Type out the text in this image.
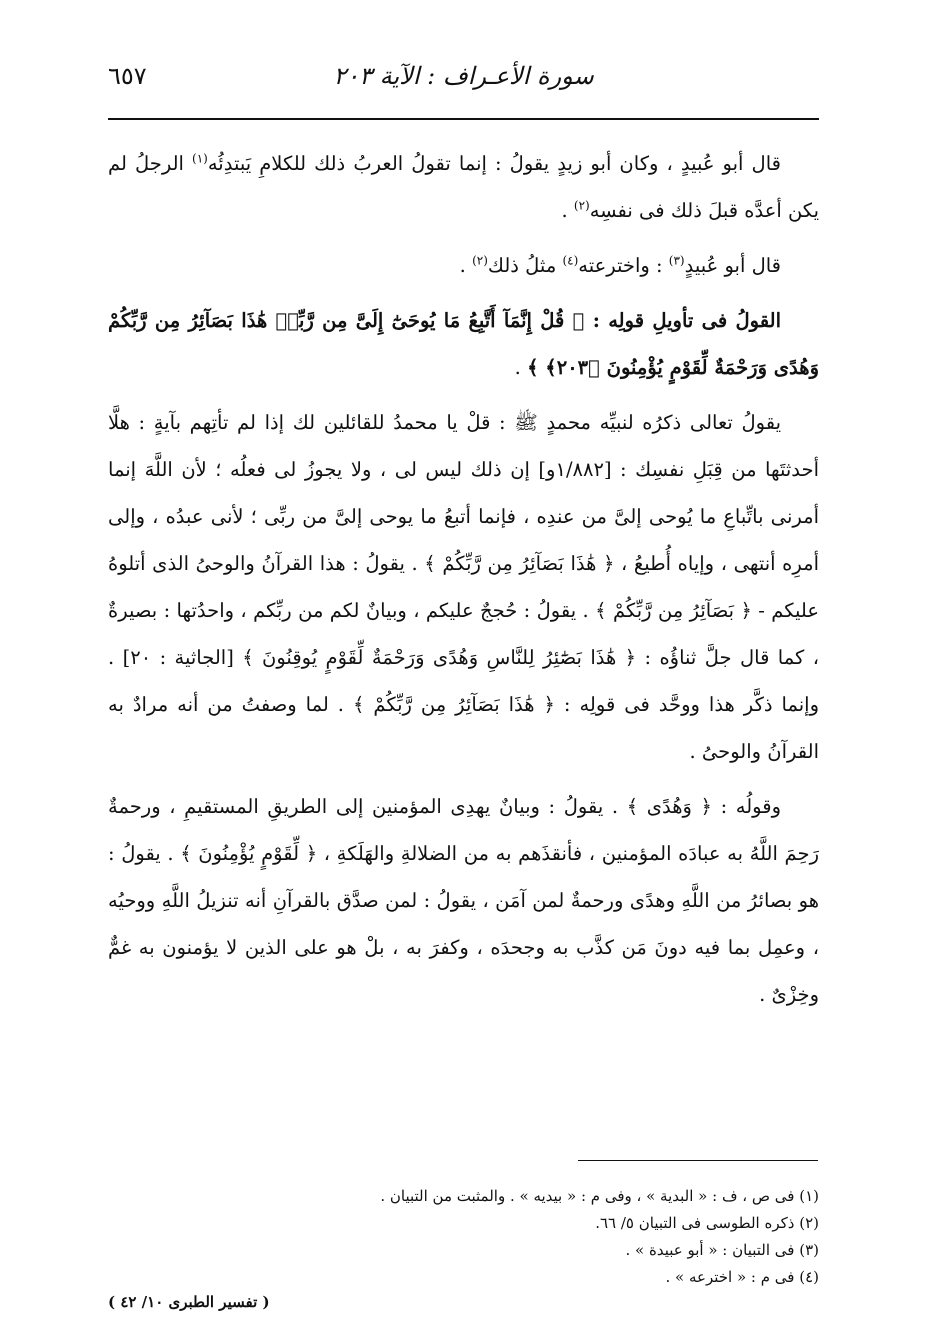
سورة الأعـراف : الآية ٢٠٣
٦٥٧

قال أبو عُبيدٍ ، وكان أبو زيدٍ يقولُ : إنما تقولُ العربُ ذلك للكلامِ يَبتدِئُه$^{(١)}$ الرجلُ لم يكن أعدَّه قبلَ ذلك فى نفسِه$^{(٢)}$ .

قال أبو عُبيدٍ$^{(٣)}$ : واخترعته$^{(٤)}$ مثلُ ذلك$^{(٢)}$ .

القولُ فى تأويلِ قولِه : ﴿ قُلْ إِنَّمَآ أَتَّبِعُ مَا يُوحَىٰٓ إِلَىَّ مِن رَّبِّىۚ هَٰذَا بَصَآئِرُ مِن رَّبِّكُمْ وَهُدًى وَرَحْمَةٌ لِّقَوْمٍ يُؤْمِنُونَ ﴿٢٠٣﴾ ﴾ .

يقولُ تعالى ذكرُه لنبيِّه محمدٍ ﷺ : قلْ يا محمدُ للقائلين لك إذا لم تأتِهم بآيةٍ : هلَّا أحدثتَها من قِبَلِ نفسِك : [١/٨٨٢و] إن ذلك ليس لى ، ولا يجوزُ لى فعلُه ؛ لأن اللَّهَ إنما أمرنى باتِّباعِ ما يُوحى إلىَّ من عندِه ، فإنما أتبعُ ما يوحى إلىَّ من ربِّى ؛ لأنى عبدُه ، وإلى أمرِه أنتهى ، وإياه أُطيعُ ، ﴿ هَٰذَا بَصَآئِرُ مِن رَّبِّكُمْ ﴾ . يقولُ : هذا القرآنُ والوحىُ الذى أتلوهُ عليكم - ﴿ بَصَآئِرُ مِن رَّبِّكُمْ ﴾ . يقولُ : حُججٌ عليكم ، وبيانٌ لكم من ربِّكم ، واحدُتها : بصيرةٌ ، كما قال جلَّ ثناؤُه : ﴿ هَٰذَا بَصَٰٓئِرُ لِلنَّاسِ وَهُدًى وَرَحْمَةٌ لِّقَوْمٍ يُوقِنُونَ ﴾ [الجاثية : ٢٠] . وإنما ذكَّر هذا ووحَّد فى قولِه : ﴿ هَٰذَا بَصَآئِرُ مِن رَّبِّكُمْ ﴾ . لما وصفتُ من أنه مرادٌ به القرآنُ والوحىُ .

وقولُه : ﴿ وَهُدًى ﴾ . يقولُ : وبيانٌ يهدِى المؤمنين إلى الطريقِ المستقيمِ ، ورحمةٌ رَحِمَ اللَّهُ به عبادَه المؤمنين ، فأنقذَهم به من الضلالةِ والهَلَكةِ ، ﴿ لِّقَوْمٍ يُؤْمِنُونَ ﴾ . يقولُ : هو بصائرُ من اللَّهِ وهدًى ورحمةٌ لمن آمَن ، يقولُ : لمن صدَّق بالقرآنِ أنه تنزيلُ اللَّهِ ووحيُه ، وعمِل بما فيه دونَ مَن كذَّب به وجحدَه ، وكفرَ به ، بلْ هو على الذين لا يؤمنون به غمٌّ وخِزْىٌ .

(١) فى ص ، ف : « البدية » ، وفى م : « بيديه » . والمثبت من التبيان .
(٢) ذكره الطوسى فى التبيان ٥/ ٦٦.
(٣) فى التبيان : « أبو عبيدة » .
(٤) فى م : « اخترعه » .
( تفسير الطبرى ١٠/ ٤٢ )
